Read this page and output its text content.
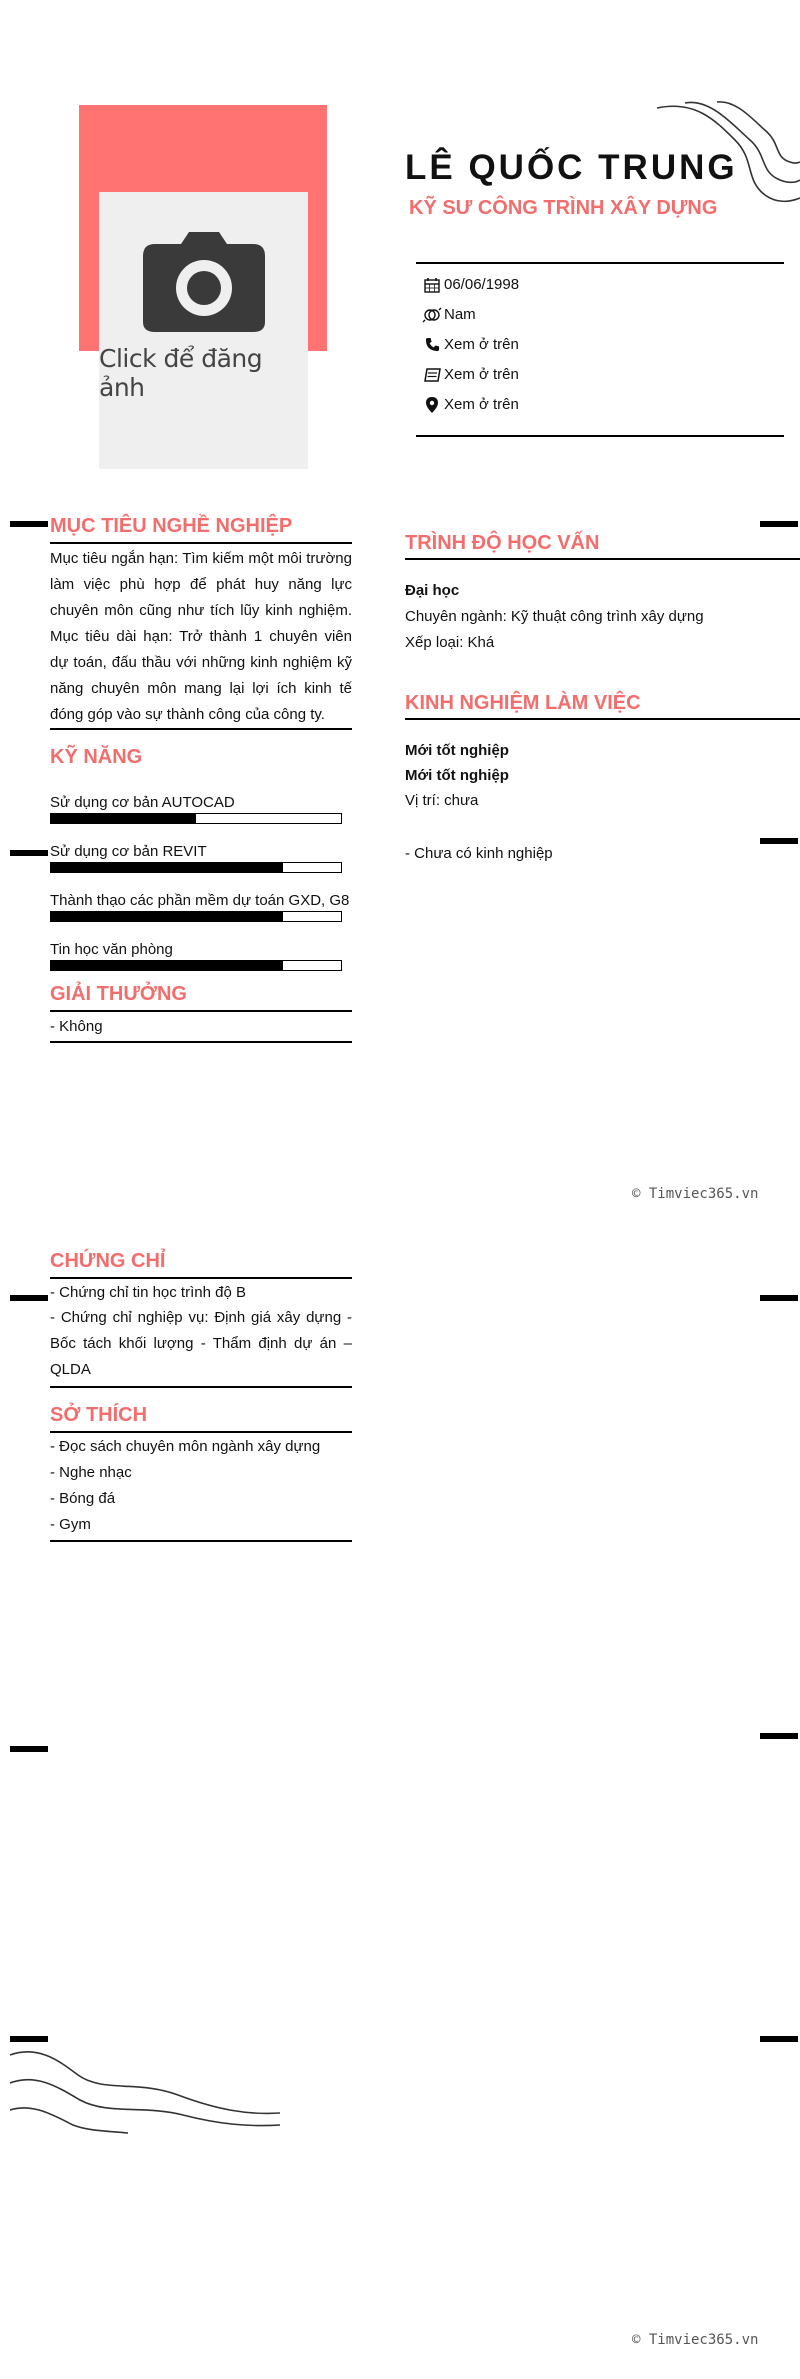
Click để đăng ảnh
LÊ QUỐC TRUNG
KỸ SƯ CÔNG TRÌNH XÂY DỰNG
06/06/1998
Nam
Xem ở trên
Xem ở trên
Xem ở trên
MỤC TIÊU NGHỀ NGHIỆP
Mục tiêu ngắn hạn: Tìm kiếm một môi trường làm việc phù hợp để phát huy năng lực chuyên môn cũng như tích lũy kinh nghiệm. Mục tiêu dài hạn: Trở thành 1 chuyên viên dự toán, đấu thầu với những kinh nghiệm kỹ năng chuyên môn mang lại lợi ích kinh tế đóng góp vào sự thành công của công ty.
KỸ NĂNG
Sử dụng cơ bản AUTOCAD
Sử dụng cơ bản REVIT
Thành thạo các phần mềm dự toán GXD, G8
Tin học văn phòng
GIẢI THƯỞNG
- Không
TRÌNH ĐỘ HỌC VẤN
Đại học
Chuyên ngành: Kỹ thuật công trình xây dựng
Xếp loại: Khá
KINH NGHIỆM LÀM VIỆC
Mới tốt nghiệp
Mới tốt nghiệp
Vị trí: chưa
- Chưa có kinh nghiệp
© Timviec365.vn
CHỨNG CHỈ
- Chứng chỉ tin học trình độ B
- Chứng chỉ nghiệp vụ: Định giá xây dựng - Bốc tách khối lượng - Thẩm định dự án – QLDA
SỞ THÍCH
- Đọc sách chuyên môn ngành xây dựng
- Nghe nhạc
- Bóng đá
- Gym
© Timviec365.vn
